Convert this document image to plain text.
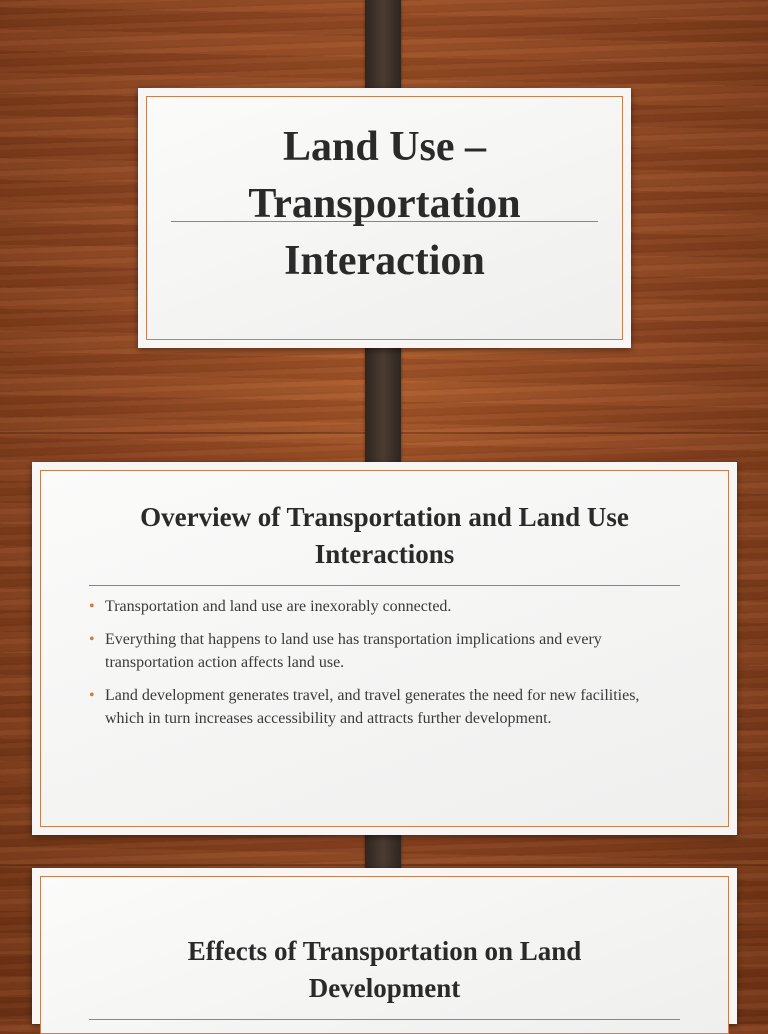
Land Use –
Transportation
Interaction
Overview of Transportation and Land Use
Interactions
• Transportation and land use are inexorably connected.
• Everything that happens to land use has transportation implications and every transportation action affects land use.
• Land development generates travel, and travel generates the need for new facilities, which in turn increases accessibility and attracts further development.
Effects of Transportation on Land
Development
